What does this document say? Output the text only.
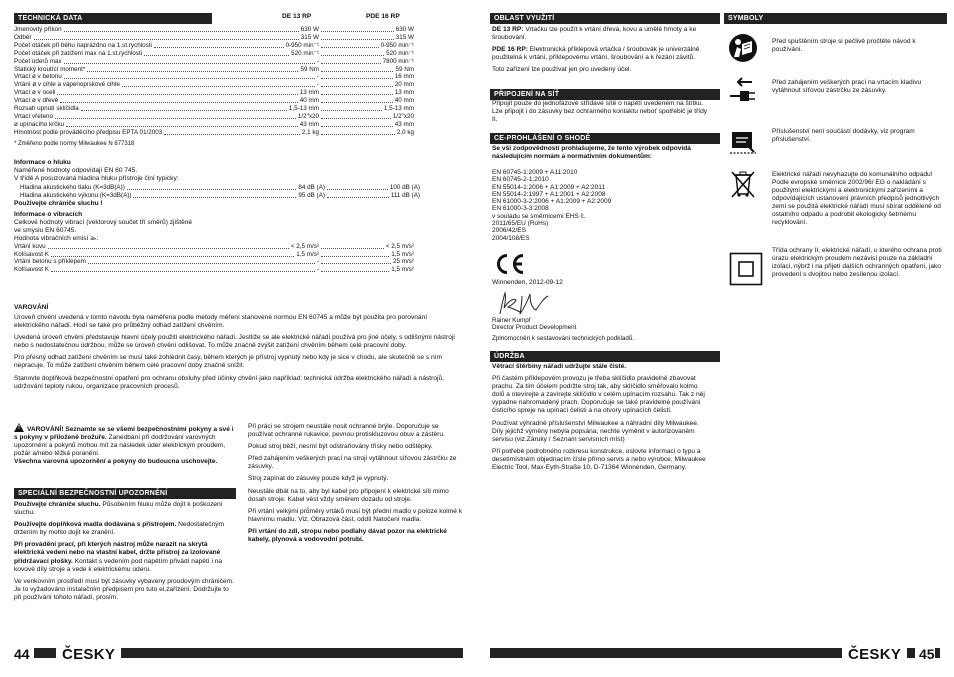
TECHNICKÁ DATA	DE 13 RP	PDE 16 RP
Jmenovitý příkon	630 W	630 W
Odběr	315 W	315 W
Počet otáček při běhu naprázdno na 1.st.rychlosti	0-950 min⁻¹	0-950 min⁻¹
Počet otáček při zatížení max na 1.st.rychlosti	520 min⁻¹	520 min⁻¹
Počet úderů max	-	7800 min⁻¹
Statický kroutící moment*	59 Nm	59 Nm
Vrtací ø v betonu	-	16 mm
Vrtání ø v cihle a vápenopískové cihle	-	20 mm
Vrtací ø v oceli	13 mm	13 mm
Vrtací ø v dřevě	40 mm	40 mm
Rozsah upnutí sklíčidla	1,5-13 mm	1,5-13 mm
Vrtací vřeteno	1/2"x20	1/2"x20
ø upínacího krčku	43 mm	43 mm
Hmotnost podle prováděcího předpisu EPTA 01/2003	2,1 kg	2,0 kg
* Změřeno podle normy Milwaukee N 877318
Informace o hluku
Naměřené hodnoty odpovídají EN 60 745.
V třídě A posuzovaná hladina hluku přístroje činí typicky:
Hladina akustického tlaku (K=3dB(A))	84 dB (A)	100 dB (A)
Hladina akustického výkonu (K=3dB(A))	95 dB (A)	111 dB (A)
Používejte chrániče sluchu !
Informace o vibracích
Celkové hodnoty vibrací (vektorový součet tří směrů) zjištěné
ve smyslu EN 60745.
Hodnota vibračních emisí aₕ:
Vrtání kovu	< 2,5 m/s²	< 2,5 m/s²
Kolísavost K	1,5 m/s²	1,5 m/s²
Vrtání betonu s příklepem	-	25 m/s²
Kolísavost K	-	1,5 m/s²
VAROVÁNÍ

Úroveň chvění uvedená v tomto návodu byla naměřena podle metody měření stanovené normou EN 60745 a může být použita pro porovnání elektrického nářadí. Hodí se také pro průběžný odhad zatížení chvěním.

Uvedená úroveň chvění představuje hlavní účely použití elektrického nářadí. Jestliže se ale elektrické nářadí používá pro jiné účely, s odlišnými nástroji nebo s nedostatečnou údržbou, může se úroveň chvění odlišovat. To může značně zvýšit zatížení chvěním během celé pracovní doby.

Pro přesný odhad zatížení chvěním se musí také zohlednit časy, během kterých je přístroj vypnutý nebo kdy je sice v chodu, ale skutečně se s ním nepracuje. To může zatížení chvěním během celé pracovní doby značně snížit.

Stanovte doplňková bezpečnostní opatření pro ochranu obsluhy před účinky chvění jako například: technická údržba elektrického nářadí a nástrojů, udržování teploty rukou, organizace pracovních procesů.

! VAROVÁNÍ! Seznamte se se všemi bezpečnostními pokyny a své i s pokyny v přiložené brožuře. Zanedbání při dodržování varovných upozornění a pokynů mohou mít za následek úder elektrickým proudem, požár a/nebo těžká poranění.

Všechna varovná upozornění a pokyny do budoucna uschovejte.

SPECIÁLNÍ BEZPEČNOSTNÍ UPOZORNĚNÍ

Používejte chrániče sluchu. Působením hluku může dojít k poškození sluchu.

Používejte doplňková madla dodávana s přístrojem. Nedostatečným držením by mohlo dojít ke zranění.

Při provádění prací, při kterých nástroj může narazit na skrytá elektrická vedení nebo na vlastní kabel, držte přístroj za izolované přídržavací plošky. Kontakt s vedením pod napětím přivádí napětí i na kovové díly stroje a vede k elektrickému úderu.

Ve venkovním prostředí musí být zásuvky vybaveny proudovým chráničem. Je to vyžadováno instalačním předpisem pro tuto el.zařízení. Dodržujte to při používání tohoto nářadí, prosím.

Při práci se strojem neustále nosit ochranné brýle. Doporučuje se používat ochranné rukavice, pevnou protiskluzovou obuv a zástěru.

Pokud stroj běží, nesmí být odstraňovány třísky nebo odštěpky.

Před zahájením veškerých prací na stroji vytáhnout síťovou zástrčku ze zásuvky.

Stroj zapínat do zásuvky pouze když je vypnutý.

Neustále dbát na to, aby byl kabel pro připojení k elektrické síti mimo dosah stroje. Kabel vést vždy směrem dozadu od stroje.

Při vrtání velkými průměry vrtáků musí být přední madlo v poloze kolmé k hlavnímu madlu. Viz. Obrazová část, oddíl Natočení madla.

Při vrtání do zdi, stropu nebo podlahy dávat pozor na elektrické kabely, plynová a vodovodní potrubí.

44	ČESKY
OBLAST VYUŽITÍ

DE 13 RP: Vrtačku lze použít k vrtání dřeva, kovu a umělé hmoty a ke šroubování.

PDE 16 RP: Elektronická příklepová vrtačka / šroubovák je univerzálně použitelná k vrtání, příklepovému vrtání, šroubování a k řezání závitů.

Toto zařízení lze používat jen pro uvedený účel.

PŘIPOJENÍ NA SÍŤ
Připojit pouze do jednofázové střídavé sítě o napětí uvedeném na štítku. Lze připojit i do zásuvky bez ochranného kontaktu neboť spotřebič je třídy II.
CE-PROHLÁŠENÍ O SHODĚ
Se vší zodpovědností prohlašujeme, že tento výrobek odpovídá následujícím normám a normativním dokumentům:
EN 60745-1:2009 + A11:2010
EN 60745-2-1:2010
EN 55014-1:2006 + A1:2009 + A2:2011
EN 55014-2:1997 + A1:2001 + A2:2008
EN 61000-3-2:2006 + A1:2009 + A2:2009
EN 61000-3-3:2008
v souladu se směrnicemi EHS č.
2011/65/EU (RoHs)
2006/42/ES
2004/108/ES
Winnenden, 2012-09-12
Rainer Kumpf
Director Product Development
Zplnomocněn k sestavování technických podkladů.
ÚDRŽBA

Větrací štěrbiny nářadí udržujte stále čisté.

Při častém příklepovém provozu je třeba sklíčidlo pravidelně zbavovat prachu. Za tím účelem podržte stroj tak, aby sklíčidlo směřovalo kolmo dolů a otevírejte a zavírejte sklíčidlo v celém upínacím rozsahu. Tak z něj vypadne nahromaděný prach. Doporučuje se také pravidelné používání čisticího spreje na upínací čelisti a na otvory upínacích čelistí.

Používat výhradně příslušenství Milwaukee a náhradní díly Milwaukee. Díly jejichž výměny nebyla popsána, nechte vyměnit v autorizovaném servisu (viz.Záruky / Seznam servisních míst)

Při potřebě podrobného rozkresu konstrukce, oslovte informaci o typu a desetimístném objednacím čísle přímo servis a nebo výrobce, Milwaukee Electric Tool, Max-Eyth-Straße 10, D-71364 Winnenden, Germany.

SYMBOLY
Před spuštěním stroje si pečlivě pročtěte návod k používání.
Před zahájením veškerých prací na vrtacím kladivu vytáhnout síťovou zástrčku ze zásuvky.
Příslušenství není součástí dodávky, viz program příslušenství.
Elektrické nářadí nevyhazujte do komunálního odpadu! Podle evropské směrnice 2002/96/ EG o nakládání s použitými elektrickými a elektronickými zařízeními a odpovídajících ustanovení právních předpisů jednotlivých zemí se použitá elektrické nářadí musí sbírat odděleně od ostatního odpadu a podrobit ekologicky šetrnému recyklování.
Třída ochrany II, elektrické nářadí, u kterého ochrana proti úrazu elektrickým proudem nezávisí pouze na základní izolaci, nýbrž i na přijetí dalších ochranných opatření, jako provedení s dvojitou nebo zesílenou izolací.
ČESKY	45
